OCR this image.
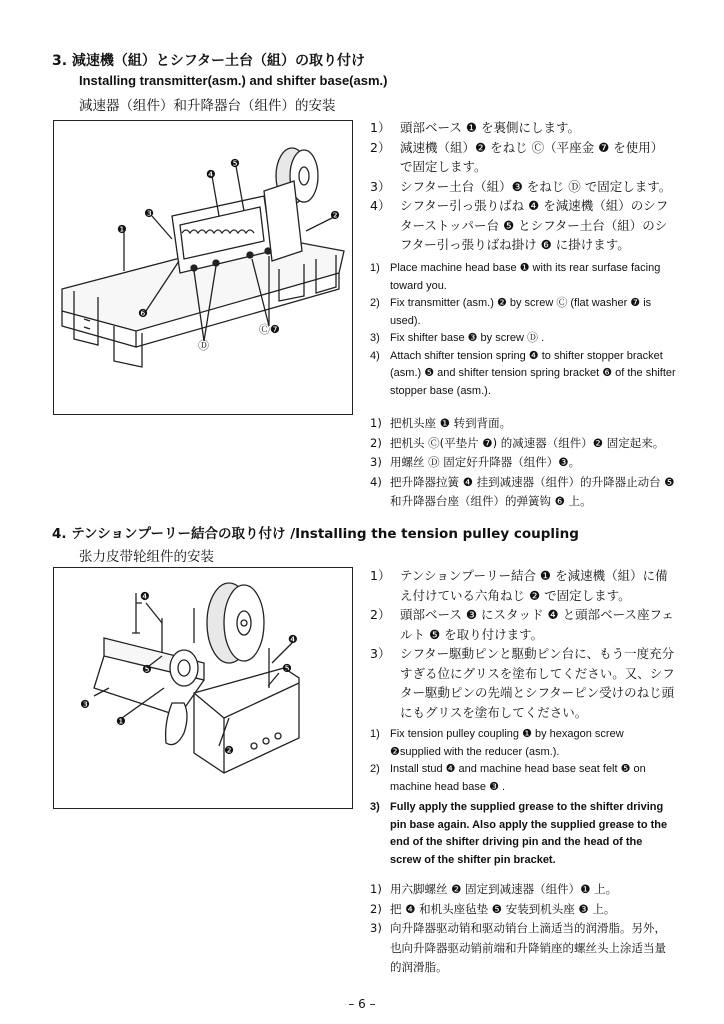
3. 減速機（組）とシフター土台（組）の取り付け
Installing transmitter(asm.) and shifter base(asm.)
減速器（组件）和升降器台（组件）的安装
❶
❷
❸
❹
❺
❻
Ⓓ
Ⓒ❼
1） 頭部ベース ❶ を裏側にします。
2） 減速機（組）❷ をねじ Ⓒ（平座金 ❼ を使用）で固定します。
3） シフター土台（組）❸ をねじ Ⓓ で固定します。
4） シフター引っ張りばね ❹ を減速機（組）のシフターストッパー台 ❺ とシフター土台（組）のシフター引っ張りばね掛け ❻ に掛けます。
1) Place machine head base ❶ with its rear surfase facing toward you.
2) Fix transmitter (asm.) ❷ by screw Ⓒ (flat washer ❼ is used).
3) Fix shifter base ❸ by screw Ⓓ .
4) Attach shifter tension spring ❹ to shifter stopper bracket (asm.) ❺ and shifter tension spring bracket ❻ of the shifter stopper base (asm.).
1) 把机头座 ❶ 转到背面。
2) 把机头 Ⓒ(平垫片 ❼) 的减速器（组件）❷ 固定起来。
3) 用螺丝 Ⓓ 固定好升降器（组件）❸。
4) 把升降器拉簧 ❹ 挂到减速器（组件）的升降器止动台 ❺ 和升降器台座（组件）的弹簧钩 ❻ 上。
4. テンションプーリー結合の取り付け /Installing the tension pulley coupling
张力皮带轮组件的安装
❶
❷
❸
❹
❹
❺	❺
1） テンションプーリー結合 ❶ を減速機（組）に備え付けている六角ねじ ❷ で固定します。
2） 頭部ベース ❸ にスタッド ❹ と頭部ベース座フェルト ❺ を取り付けます。
3） シフター駆動ピンと駆動ピン台に、もう一度充分すぎる位にグリスを塗布してください。又、シフター駆動ピンの先端とシフターピン受けのねじ頭にもグリスを塗布してください。
1) Fix tension pulley coupling ❶ by hexagon screw ❷supplied with the reducer (asm.).
2) Install stud ❹ and machine head base seat felt ❺ on machine head base ❸ .
3) Fully apply the supplied grease to the shifter driving pin base again. Also apply the supplied grease to the end of the shifter driving pin and the head of the screw of the shifter pin bracket.
1) 用六脚螺丝 ❷ 固定到减速器（组件）❶ 上。
2) 把 ❹ 和机头座毡垫 ❺ 安装到机头座 ❸ 上。
3) 向升降器驱动销和驱动销台上滴适当的润滑脂。另外，也向升降器驱动销前端和升降销座的螺丝头上涂适当量的润滑脂。
– 6 –
